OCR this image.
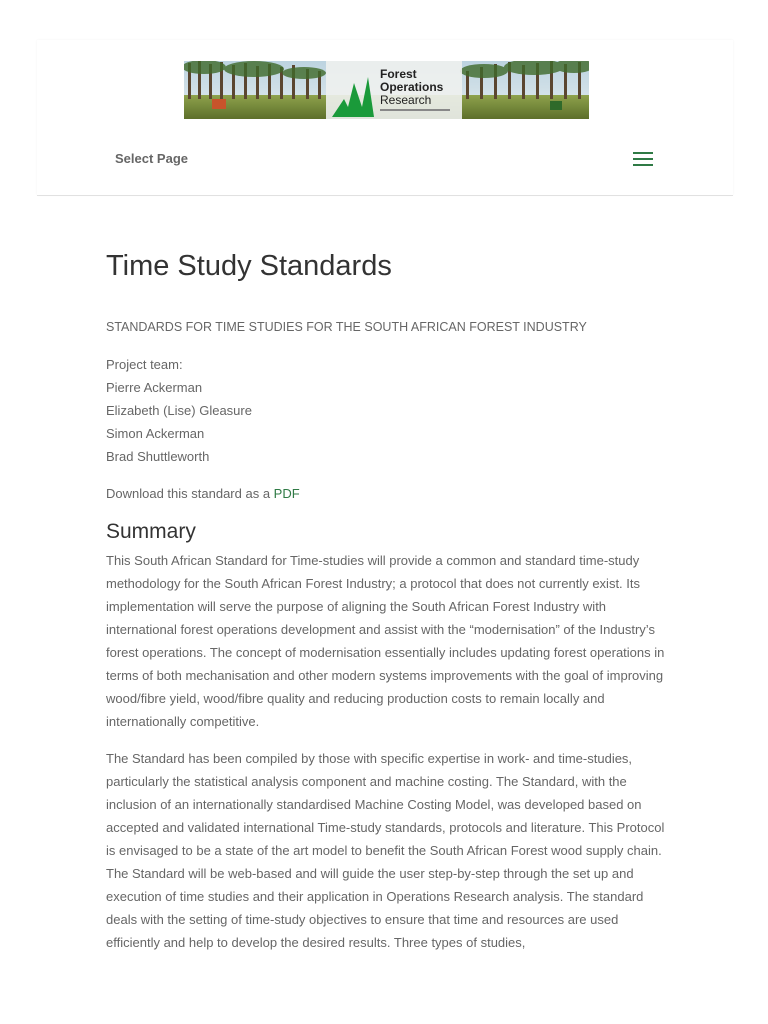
Forest
Operations
Research
Select Page
Time Study Standards

STANDARDS FOR TIME STUDIES FOR THE SOUTH AFRICAN FOREST INDUSTRY

Project team:

Pierre Ackerman

Elizabeth (Lise) Gleasure

Simon Ackerman

Brad Shuttleworth

Download this standard as a PDF

Summary

This South African Standard for Time-studies will provide a common and standard time-study methodology for the South African Forest Industry; a protocol that does not currently exist. Its implementation will serve the purpose of aligning the South African Forest Industry with international forest operations development and assist with the “modernisation” of the Industry’s forest operations. The concept of modernisation essentially includes updating forest operations in terms of both mechanisation and other modern systems improvements with the goal of improving wood/fibre yield, wood/fibre quality and reducing production costs to remain locally and internationally competitive.

The Standard has been compiled by those with specific expertise in work- and time-studies, particularly the statistical analysis component and machine costing. The Standard, with the inclusion of an internationally standardised Machine Costing Model, was developed based on accepted and validated international Time-study standards, protocols and literature. This Protocol is envisaged to be a state of the art model to benefit the South African Forest wood supply chain.

The Standard will be web-based and will guide the user step-by-step through the set up and execution of time studies and their application in Operations Research analysis. The standard deals with the setting of time-study objectives to ensure that time and resources are used efficiently and help to develop the desired results. Three types of studies,
